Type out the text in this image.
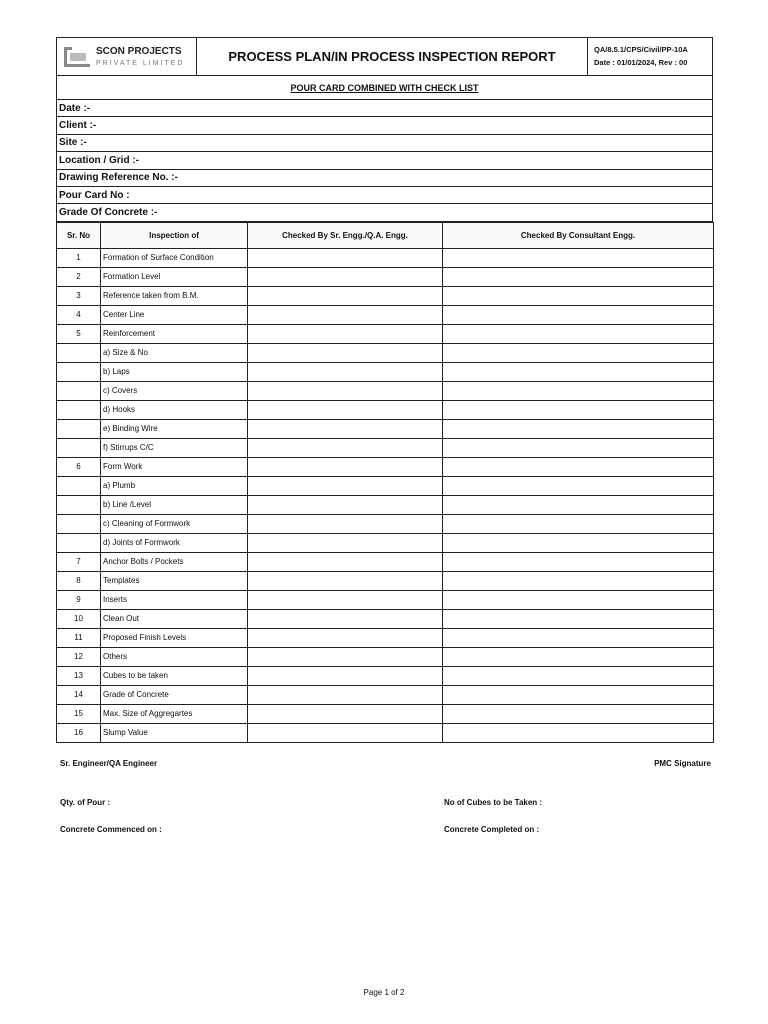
SCON PROJECTS
PRIVATE LIMITED	PROCESS PLAN/IN PROCESS INSPECTION REPORT	QA/8.5.1/CPS/Civil/PP-10A
Date : 01/01/2024, Rev : 00
POUR CARD COMBINED WITH CHECK LIST
Date :-
Client :-
Site :-
Location / Grid :-
Drawing Reference No. :-
Pour Card No :
Grade Of Concrete :-
Sr. No	Inspection of	Checked By Sr. Engg./Q.A. Engg.	Checked By Consultant Engg.
1	Formation of Surface Condition		
2	Formation Level		
3	Reference taken from B.M.		
4	Center Line		
5	Reinforcement		
	a) Size & No		
	b) Laps		
	c) Covers		
	d) Hooks		
	e) Binding Wire		
	f) Stirrups C/C		
6	Form Work		
	a) Plumb		
	b) Line /Level		
	c) Cleaning of Formwork		
	d) Joints of Formwork		
7	Anchor Bolts / Pockets		
8	Templates		
9	Inserts		
10	Clean Out		
11	Proposed Finish Levels		
12	Others		
13	Cubes to be taken		
14	Grade of Concrete		
15	Max. Size of Aggregartes		
16	Slump Value		
Sr. Engineer/QA Engineer	PMC Signature
Qty. of Pour :	No of Cubes to be Taken :
Concrete Commenced on :	Concrete Completed on :
Page 1 of 2
